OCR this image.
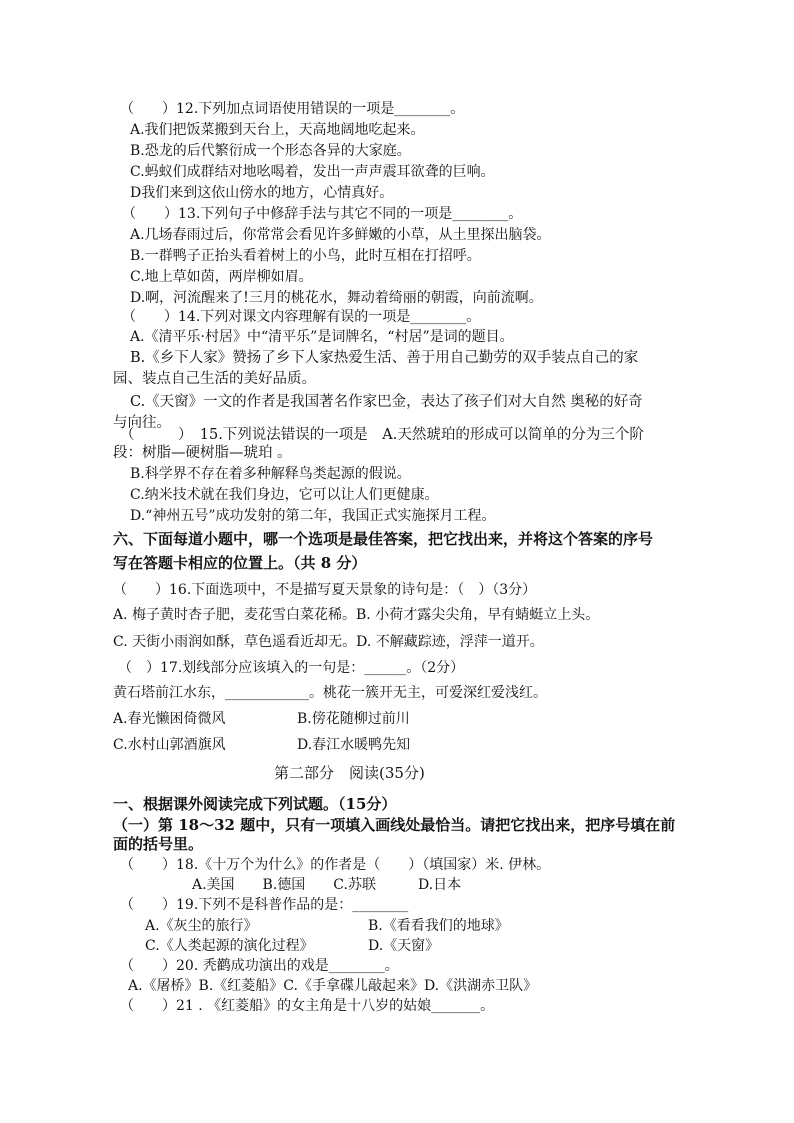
（　　）12.下列加点词语使用错误的一项是________。
A.我们把饭菜搬到天台上，天高地阔地吃起来。
B.恐龙的后代繁衍成一个形态各异的大家庭。
C.蚂蚁们成群结对地吆喝着，发出一声声震耳欲聋的巨响。
D我们来到这依山傍水的地方，心情真好。
（　　）13.下列句子中修辞手法与其它不同的一项是________。
A.几场春雨过后，你常常会看见许多鲜嫩的小草，从土里探出脑袋。
B.一群鸭子正抬头看着树上的小鸟，此时互相在打招呼。
C.地上草如茵，两岸柳如眉。
D.啊，河流醒来了!三月的桃花水，舞动着绮丽的朝霞，向前流啊。
（　　）14.下列对课文内容理解有误的一项是________。
A.《清平乐·村居》中“清平乐”是词牌名，“村居”是词的题目。
B.《乡下人家》赞扬了乡下人家热爱生活、善于用自己勤劳的双手装点自己的家
园、装点自己生活的美好品质。
C.《天窗》一文的作者是我国著名作家巴金，表达了孩子们对大自然 奥秘的好奇
与向往。
（　　　）　15.下列说法错误的一项是　A.天然琥珀的形成可以简单的分为三个阶
段：树脂—硬树脂—琥珀 。
B.科学界不存在着多种解释鸟类起源的假说。
C.纳米技术就在我们身边，它可以让人们更健康。
D.“神州五号”成功发射的第二年，我国正式实施探月工程。
六、下面每道小题中，哪一个选项是最佳答案，把它找出来，并将这个答案的序号
写在答题卡相应的位置上。（共 8 分）
（　　）16.下面选项中，不是描写夏天景象的诗句是：（　）（3分）
A. 梅子黄时杏子肥，麦花雪白菜花稀。B. 小荷才露尖尖角，早有蜻蜓立上头。
C. 天街小雨润如酥，草色遥看近却无。D. 不解藏踪迹，浮萍一道开。
（　）17.划线部分应该填入的一句是：______。（2分）
黄石塔前江水东，____________。桃花一簇开无主，可爱深红爱浅红。
A.春光懒困倚微风	B.傍花随柳过前川
C.水村山郭酒旗风	D.春江水暖鸭先知
第二部分　阅读(35分)
一、根据课外阅读完成下列试题。（15分）
（一）第 18～32 题中，只有一项填入画线处最恰当。请把它找出来，把序号填在前
面的括号里。
（　　）18.《十万个为什么》的作者是（　　）（填国家）米. 伊林。
A.美国　　B.德国　　C.苏联　　　D.日本
（　　）19.下列不是科普作品的是：________
A.《灰尘的旅行》	B.《看看我们的地球》
C.《人类起源的演化过程》	D.《天窗》
（　　）20. 秃鹳成功演出的戏是________。
A.《屠桥》B.《红菱船》C.《手拿碟儿敲起来》D.《洪湖赤卫队》
（　　）21 . 《红菱船》的女主角是十八岁的姑娘_______。
